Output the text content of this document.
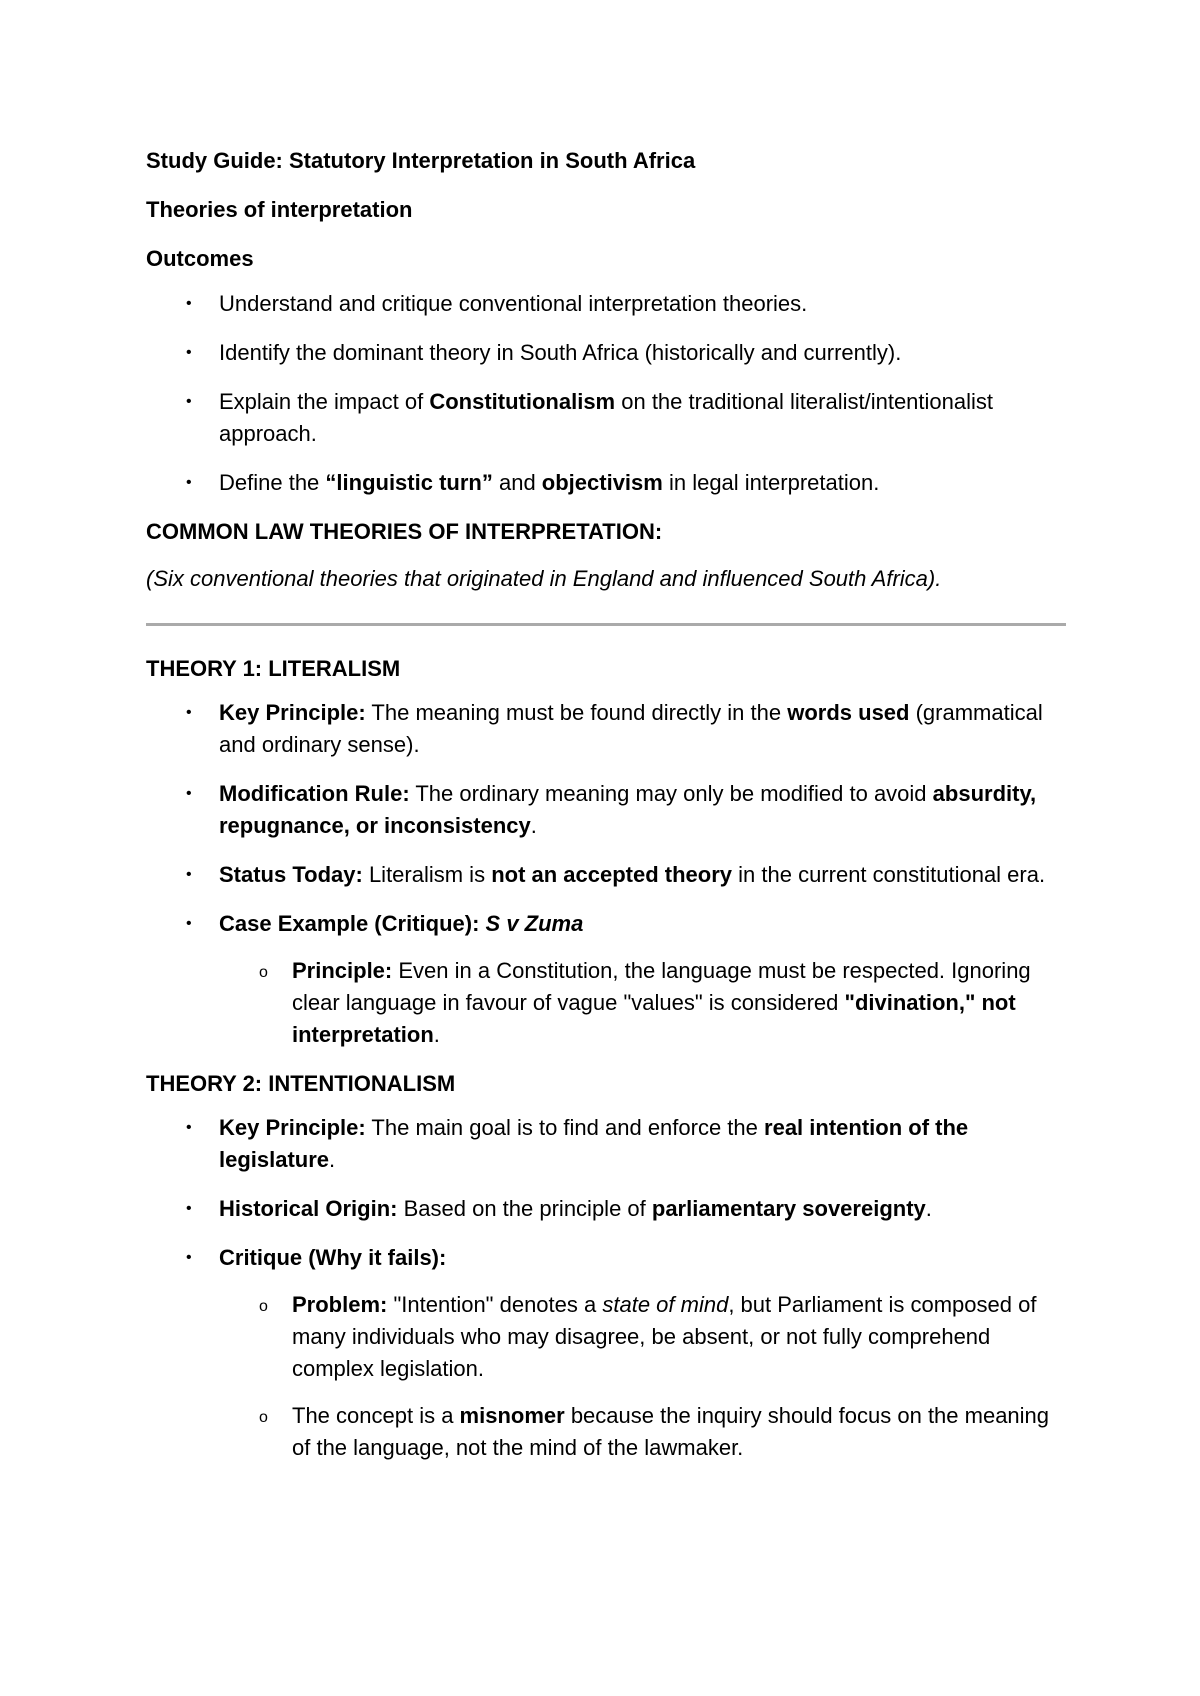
Study Guide: Statutory Interpretation in South Africa

Theories of interpretation

Outcomes

• Understand and critique conventional interpretation theories.
• Identify the dominant theory in South Africa (historically and currently).
• Explain the impact of Constitutionalism on the traditional literalist/intentionalist approach.
• Define the “linguistic turn” and objectivism in legal interpretation.

COMMON LAW THEORIES OF INTERPRETATION:

(Six conventional theories that originated in England and influenced South Africa).

THEORY 1: LITERALISM

• Key Principle: The meaning must be found directly in the words used (grammatical and ordinary sense).
• Modification Rule: The ordinary meaning may only be modified to avoid absurdity, repugnance, or inconsistency.
• Status Today: Literalism is not an accepted theory in the current constitutional era.
• Case Example (Critique): S v Zuma
o Principle: Even in a Constitution, the language must be respected. Ignoring clear language in favour of vague "values" is considered "divination," not interpretation.

THEORY 2: INTENTIONALISM

• Key Principle: The main goal is to find and enforce the real intention of the legislature.
• Historical Origin: Based on the principle of parliamentary sovereignty.
• Critique (Why it fails):
o Problem: "Intention" denotes a state of mind, but Parliament is composed of many individuals who may disagree, be absent, or not fully comprehend complex legislation.
o The concept is a misnomer because the inquiry should focus on the meaning of the language, not the mind of the lawmaker.
